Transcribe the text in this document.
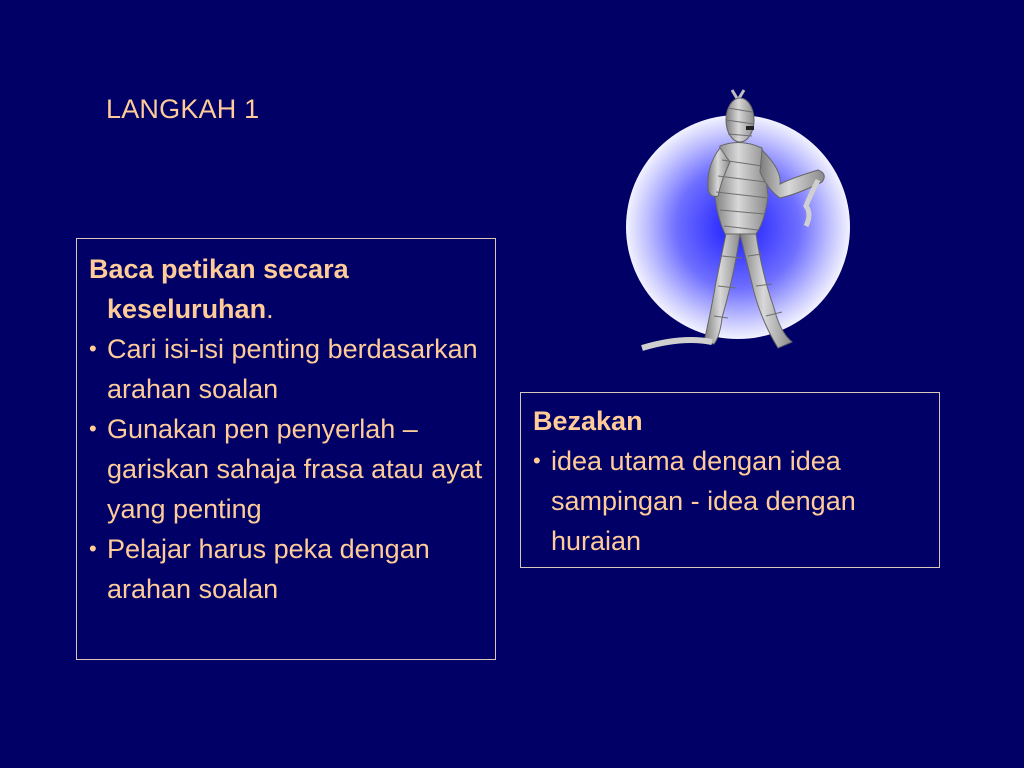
LANGKAH 1

Baca petikan secara keseluruhan.

• Cari isi-isi penting berdasarkan arahan soalan
• Gunakan pen penyerlah – gariskan sahaja frasa atau ayat yang penting
• Pelajar harus peka dengan arahan soalan

Bezakan

• idea utama dengan idea sampingan - idea dengan huraian
